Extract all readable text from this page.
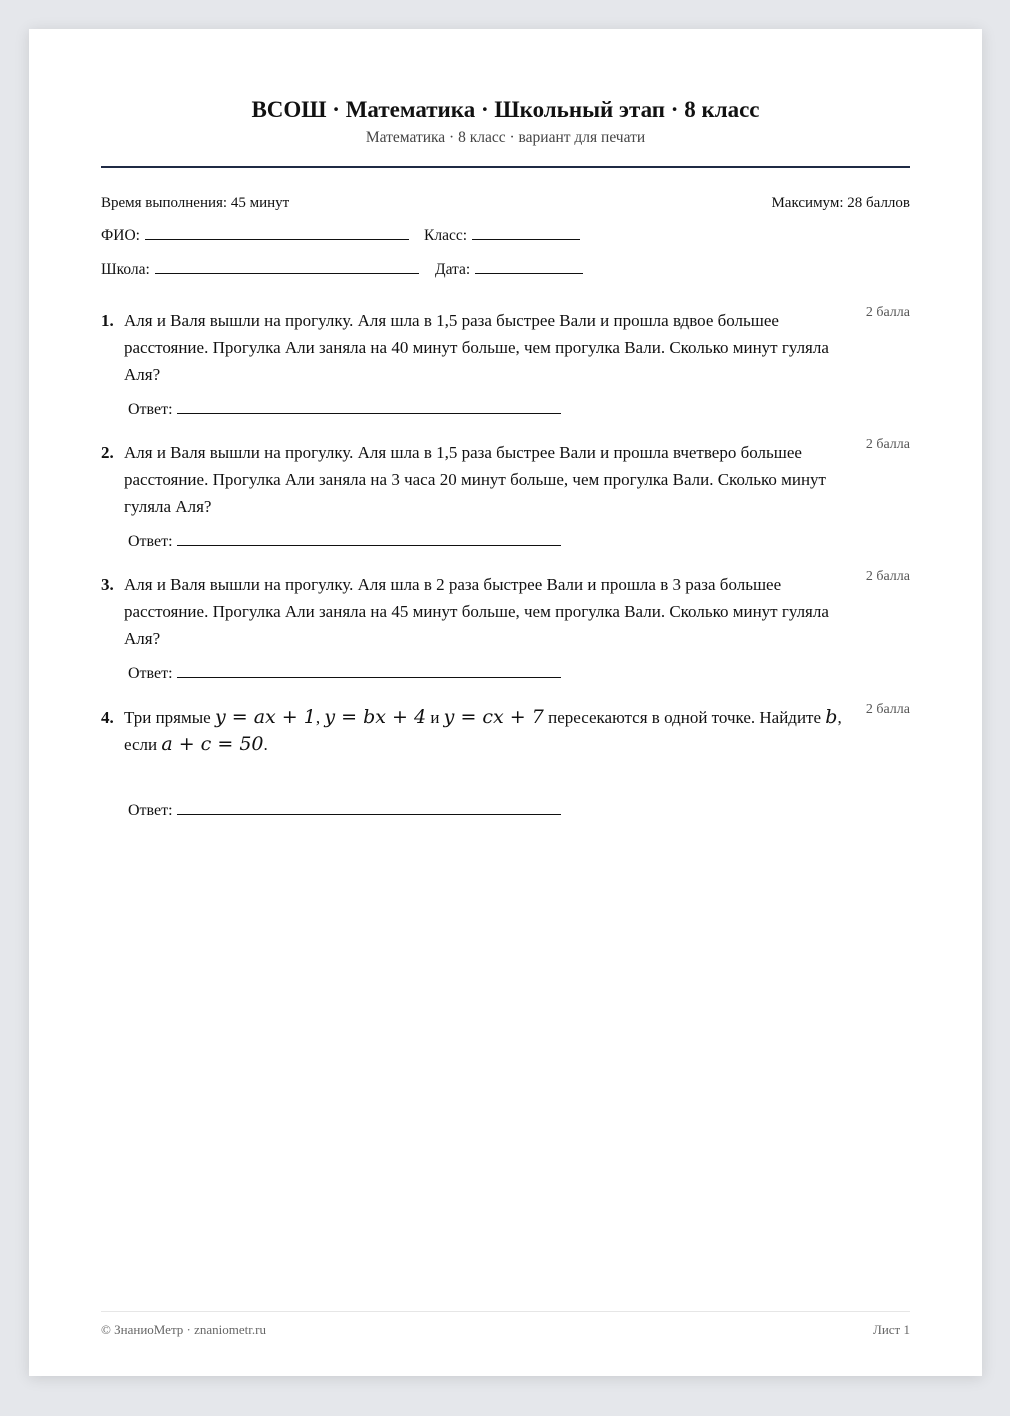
ВСОШ · Математика · Школьный этап · 8 класс
Математика · 8 класс · вариант для печати
Время выполнения: 45 минут	Максимум: 28 баллов
ФИО:	Класс:
Школа:	Дата:
1. Аля и Валя вышли на прогулку. Аля шла в 1,5 раза быстрее Вали и прошла вдвое большее расстояние. Прогулка Али заняла на 40 минут больше, чем прогулка Вали. Сколько минут гуляла Аля?
2 балла
Ответ:
2. Аля и Валя вышли на прогулку. Аля шла в 1,5 раза быстрее Вали и прошла вчетверо большее расстояние. Прогулка Али заняла на 3 часа 20 минут больше, чем прогулка Вали. Сколько минут гуляла Аля?
2 балла
Ответ:
3. Аля и Валя вышли на прогулку. Аля шла в 2 раза быстрее Вали и прошла в 3 раза большее расстояние. Прогулка Али заняла на 45 минут больше, чем прогулка Вали. Сколько минут гуляла Аля?
2 балла
Ответ:
4. Три прямые y = ax + 1, y = bx + 4 и y = cx + 7 пересекаются в одной точке. Найдите b, если a + c = 50.
2 балла
Ответ:
© ЗнаниоМетр · znaniometr.ru	Лист 1
